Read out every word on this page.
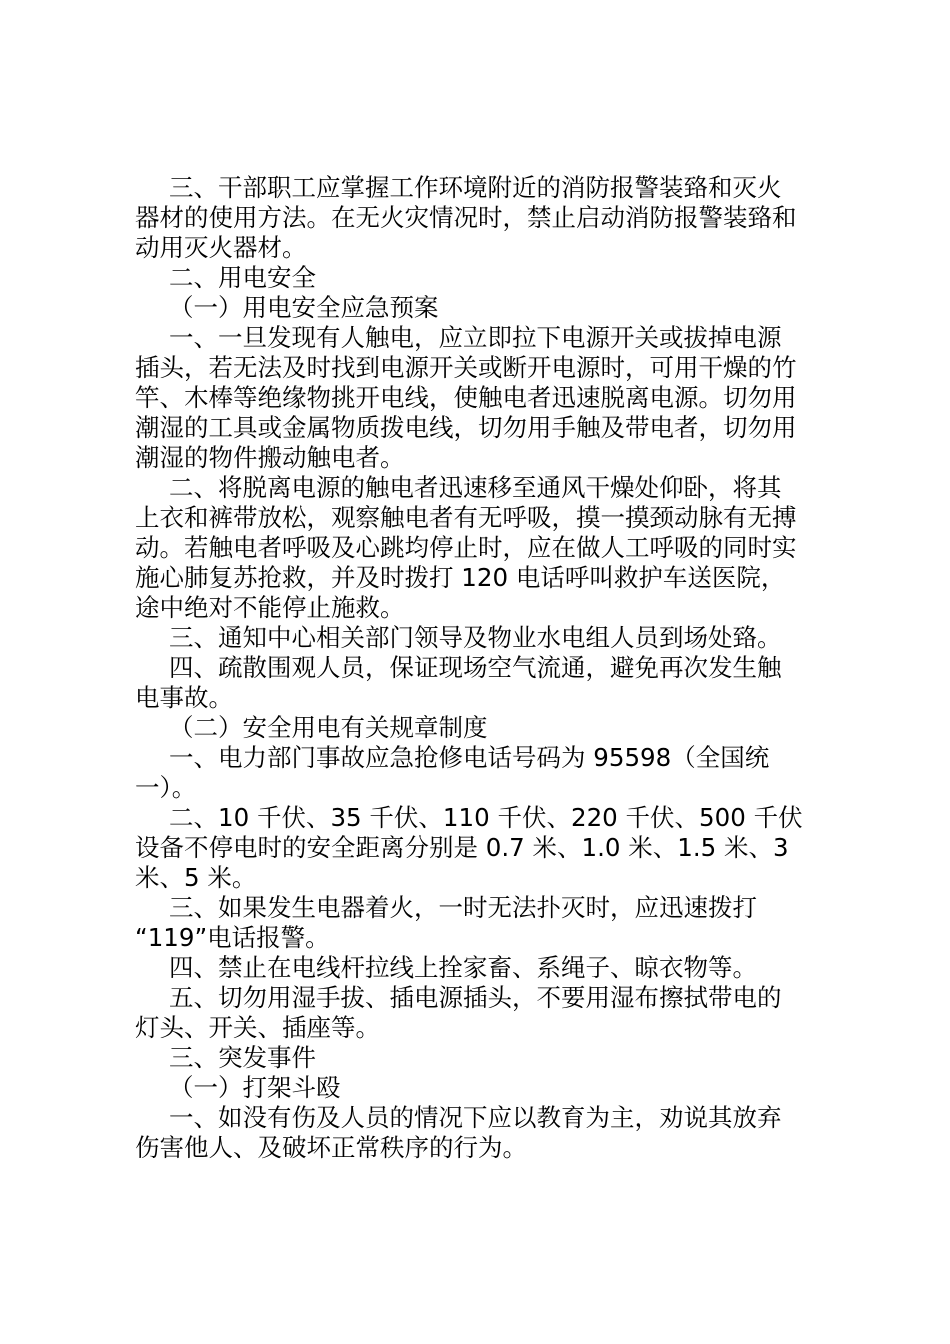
三、干部职工应掌握工作环境附近的消防报警装臵和灭火
器材的使用方法。在无火灾情况时，禁止启动消防报警装臵和
动用灭火器材。
二、用电安全
（一）用电安全应急预案
一、一旦发现有人触电，应立即拉下电源开关或拔掉电源
插头，若无法及时找到电源开关或断开电源时，可用干燥的竹
竿、木棒等绝缘物挑开电线，使触电者迅速脱离电源。切勿用
潮湿的工具或金属物质拨电线，切勿用手触及带电者，切勿用
潮湿的物件搬动触电者。
二、将脱离电源的触电者迅速移至通风干燥处仰卧，将其
上衣和裤带放松，观察触电者有无呼吸，摸一摸颈动脉有无搏
动。若触电者呼吸及心跳均停止时，应在做人工呼吸的同时实
施心肺复苏抢救，并及时拨打 120 电话呼叫救护车送医院，
途中绝对不能停止施救。
三、通知中心相关部门领导及物业水电组人员到场处臵。
四、疏散围观人员，保证现场空气流通，避免再次发生触
电事故。
（二）安全用电有关规章制度
一、电力部门事故应急抢修电话号码为 95598（全国统
一）。
二、10 千伏、35 千伏、110 千伏、220 千伏、500 千伏
设备不停电时的安全距离分别是 0.7 米、1.0 米、1.5 米、3
米、5 米。
三、如果发生电器着火，一时无法扑灭时，应迅速拨打
“119”电话报警。
四、禁止在电线杆拉线上拴家畜、系绳子、晾衣物等。
五、切勿用湿手拔、插电源插头，不要用湿布擦拭带电的
灯头、开关、插座等。
三、突发事件
（一）打架斗殴
一、如没有伤及人员的情况下应以教育为主，劝说其放弃
伤害他人、及破坏正常秩序的行为。
